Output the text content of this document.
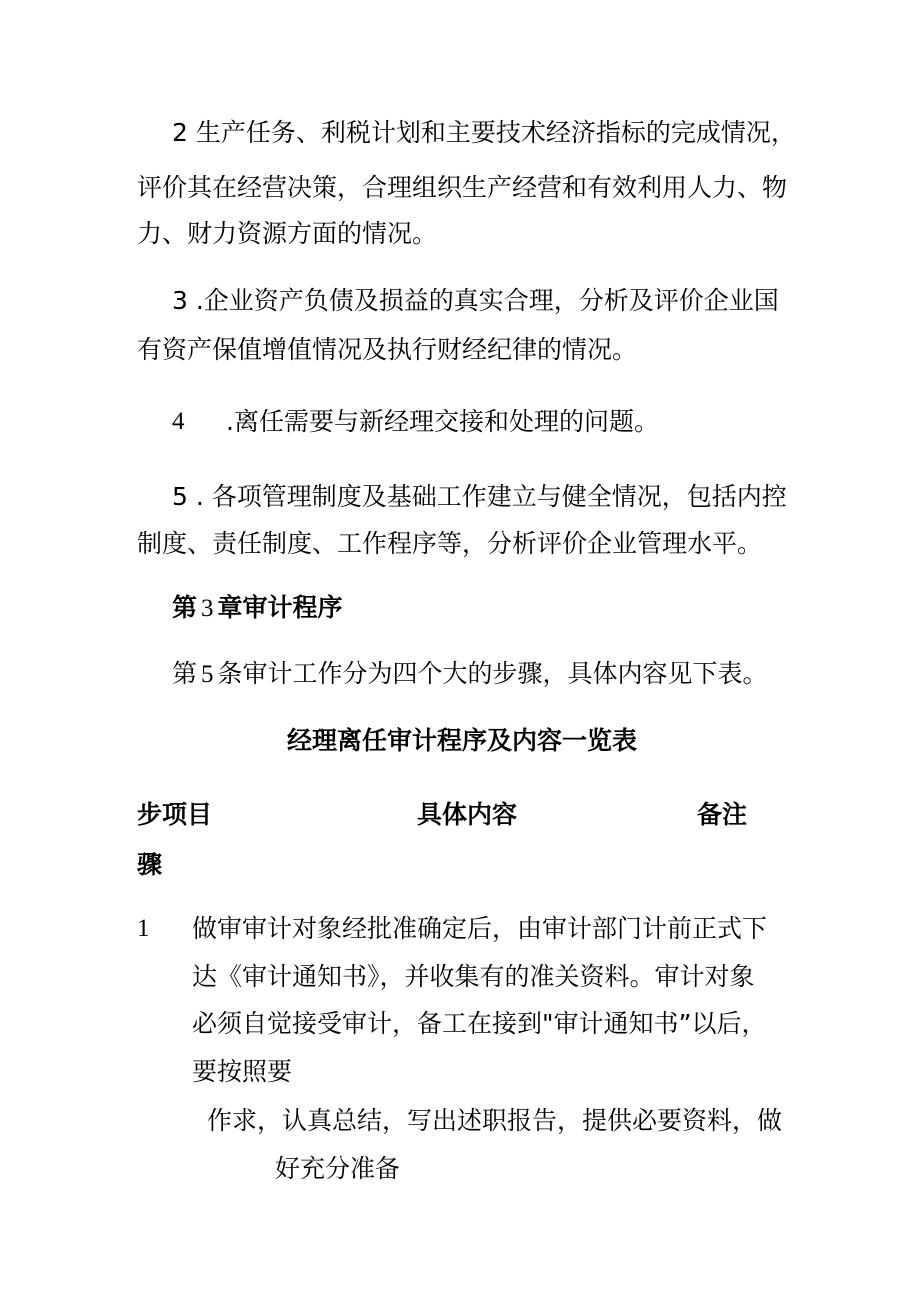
2 生产任务、利税计划和主要技术经济指标的完成情况，
评价其在经营决策，合理组织生产经营和有效利用人力、物
力、财力资源方面的情况。
3 .企业资产负债及损益的真实合理，分析及评价企业国
有资产保值增值情况及执行财经纪律的情况。
4 .离任需要与新经理交接和处理的问题。
5 . 各项管理制度及基础工作建立与健全情况，包括内控
制度、责任制度、工作程序等，分析评价企业管理水平。
第 3 章审计程序
第 5 条审计工作分为四个大的步骤，具体内容见下表。
经理离任审计程序及内容一览表
步项目
骤
具体内容	备注
1 做审审计对象经批准确定后，由审计部门计前正式下
达《审计通知书》，并收集有的准关资料。审计对象
必须自觉接受审计，备工在接到"审计通知书”以后，
要按照要
作求，认真总结，写出述职报告，提供必要资料，做
好充分准备
